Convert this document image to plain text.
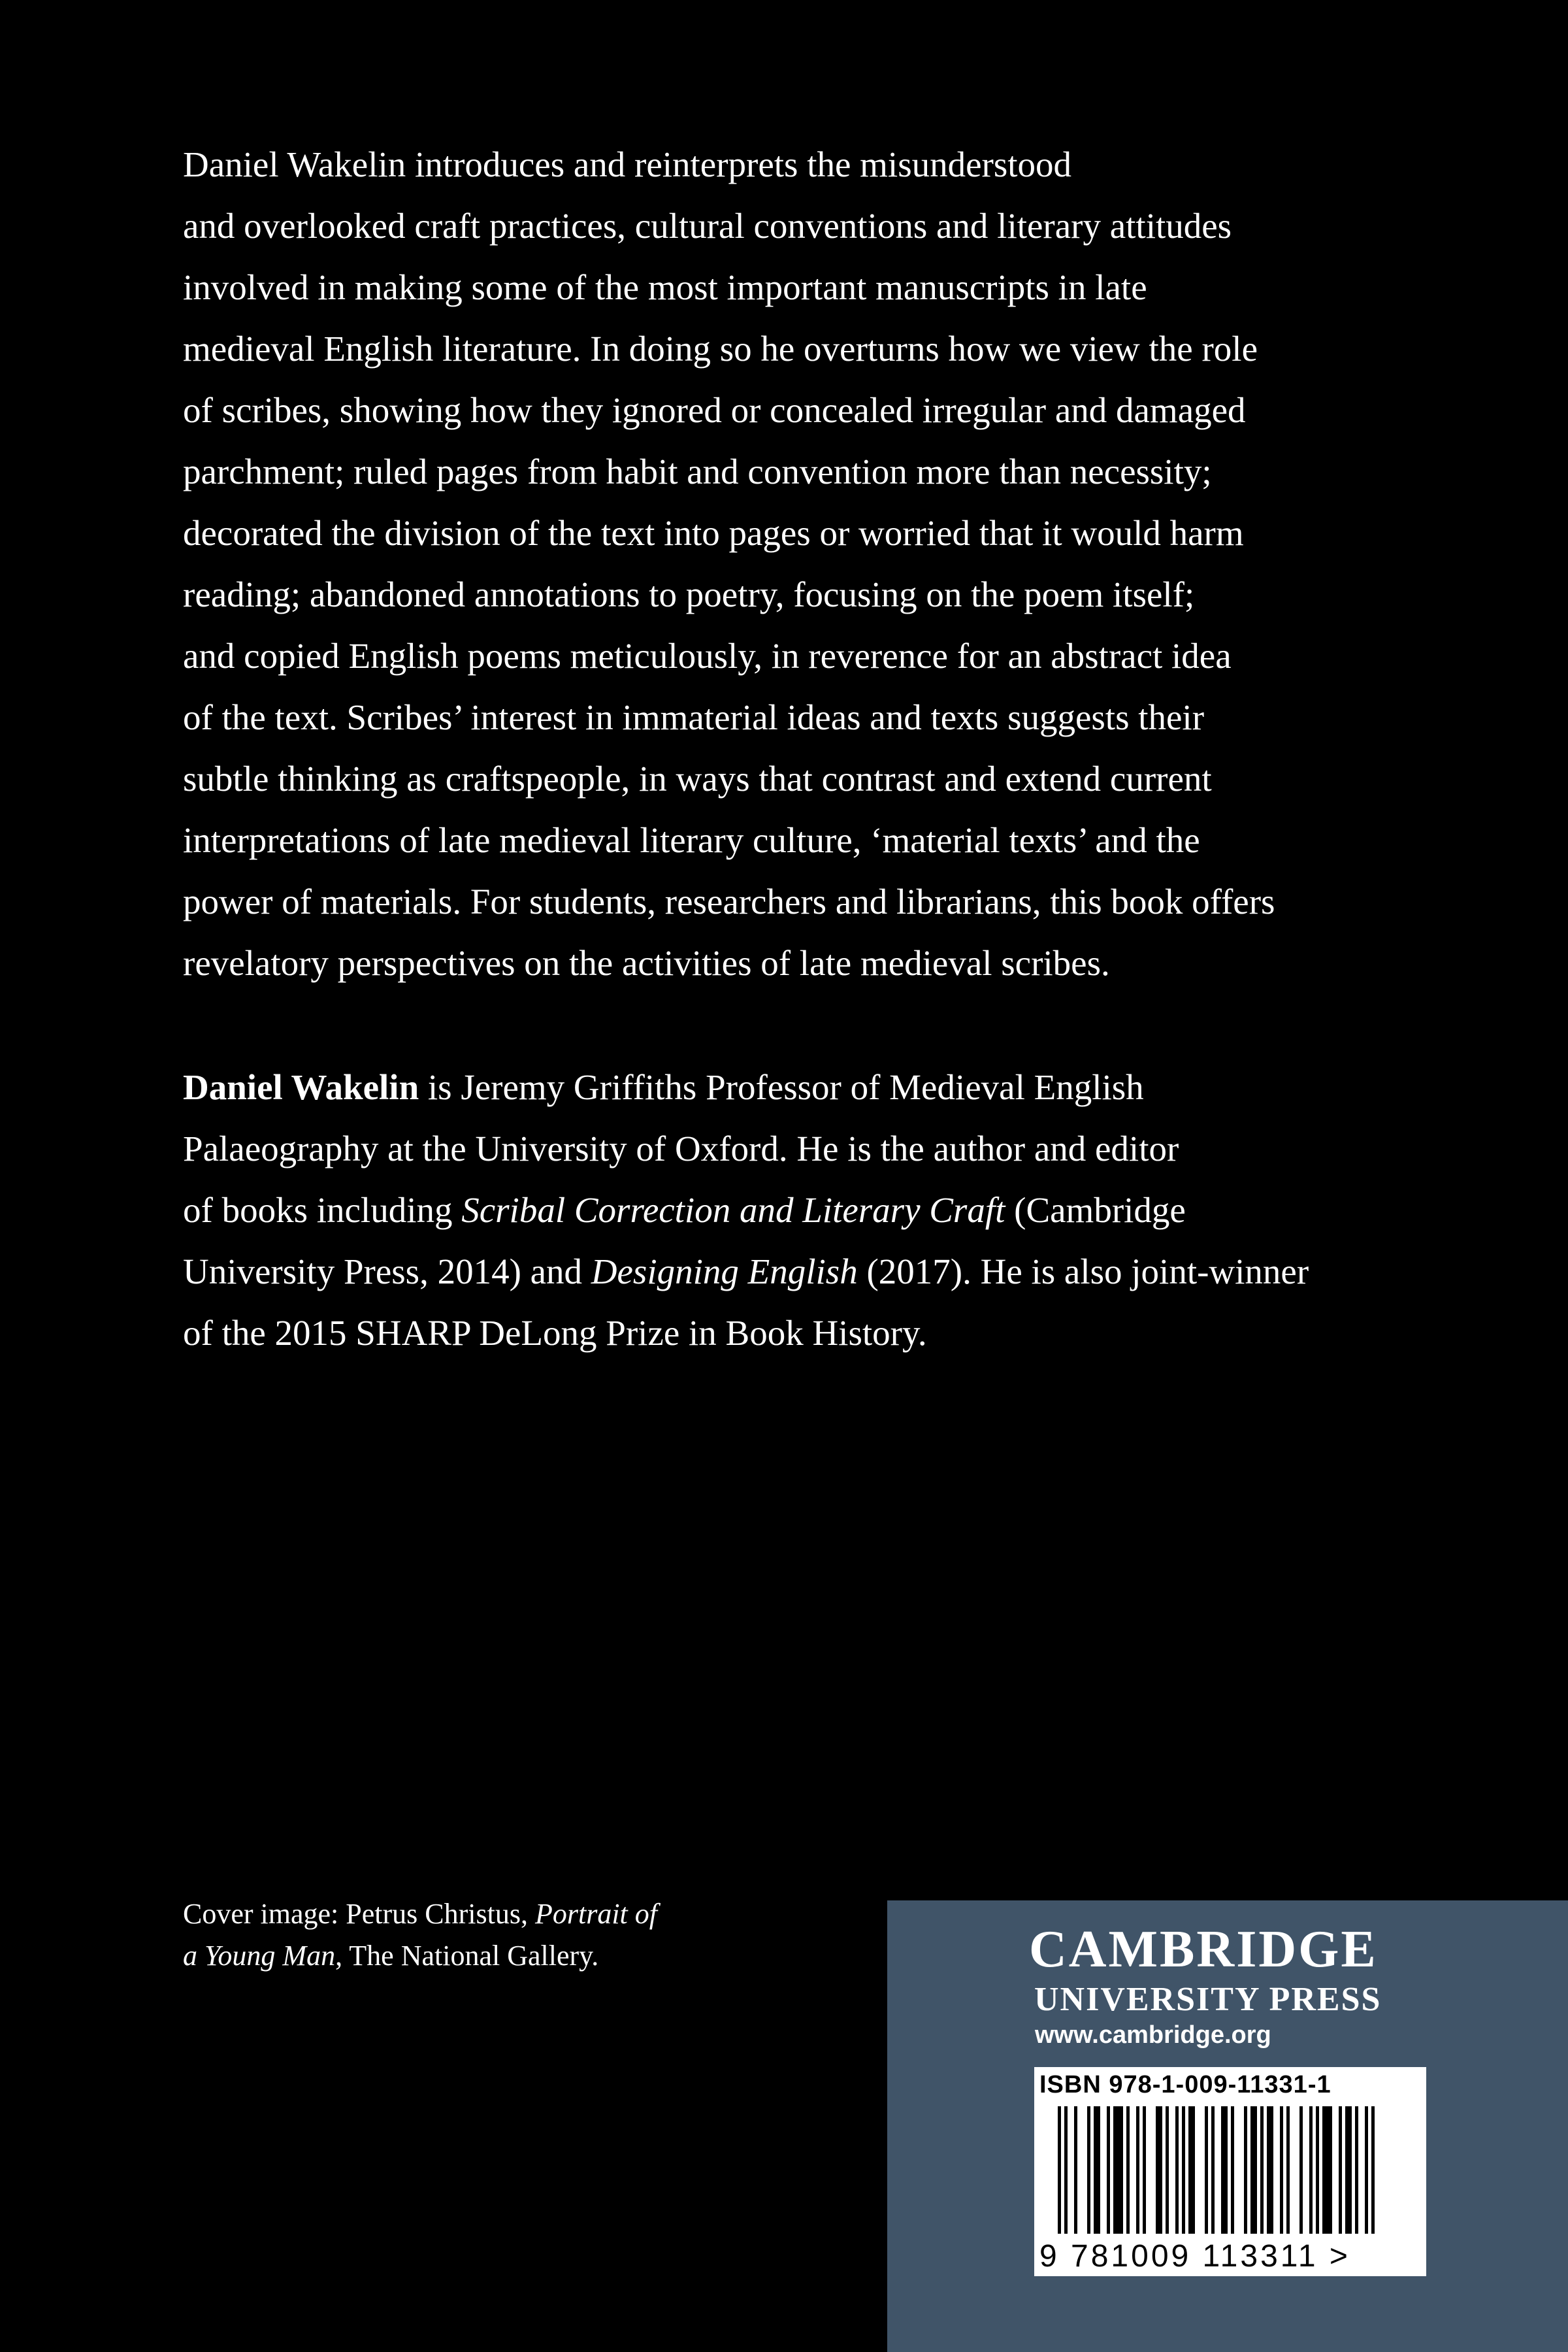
Daniel Wakelin introduces and reinterprets the misunderstood
and overlooked craft practices, cultural conventions and literary attitudes
involved in making some of the most important manuscripts in late
medieval English literature. In doing so he overturns how we view the role
of scribes, showing how they ignored or concealed irregular and damaged
parchment; ruled pages from habit and convention more than necessity;
decorated the division of the text into pages or worried that it would harm
reading; abandoned annotations to poetry, focusing on the poem itself;
and copied English poems meticulously, in reverence for an abstract idea
of the text. Scribes’ interest in immaterial ideas and texts suggests their
subtle thinking as craftspeople, in ways that contrast and extend current
interpretations of late medieval literary culture, ‘material texts’ and the
power of materials. For students, researchers and librarians, this book offers
revelatory perspectives on the activities of late medieval scribes.
Daniel Wakelin is Jeremy Griffiths Professor of Medieval English
Palaeography at the University of Oxford. He is the author and editor
of books including Scribal Correction and Literary Craft (Cambridge
University Press, 2014) and Designing English (2017). He is also joint-winner
of the 2015 SHARP DeLong Prize in Book History.
Cover image: Petrus Christus, Portrait of
a Young Man, The National Gallery.	CAMBRIDGE
UNIVERSITY PRESS
www.cambridge.org
ISBN 978-1-009-11331-1
9 781009 113311 >
